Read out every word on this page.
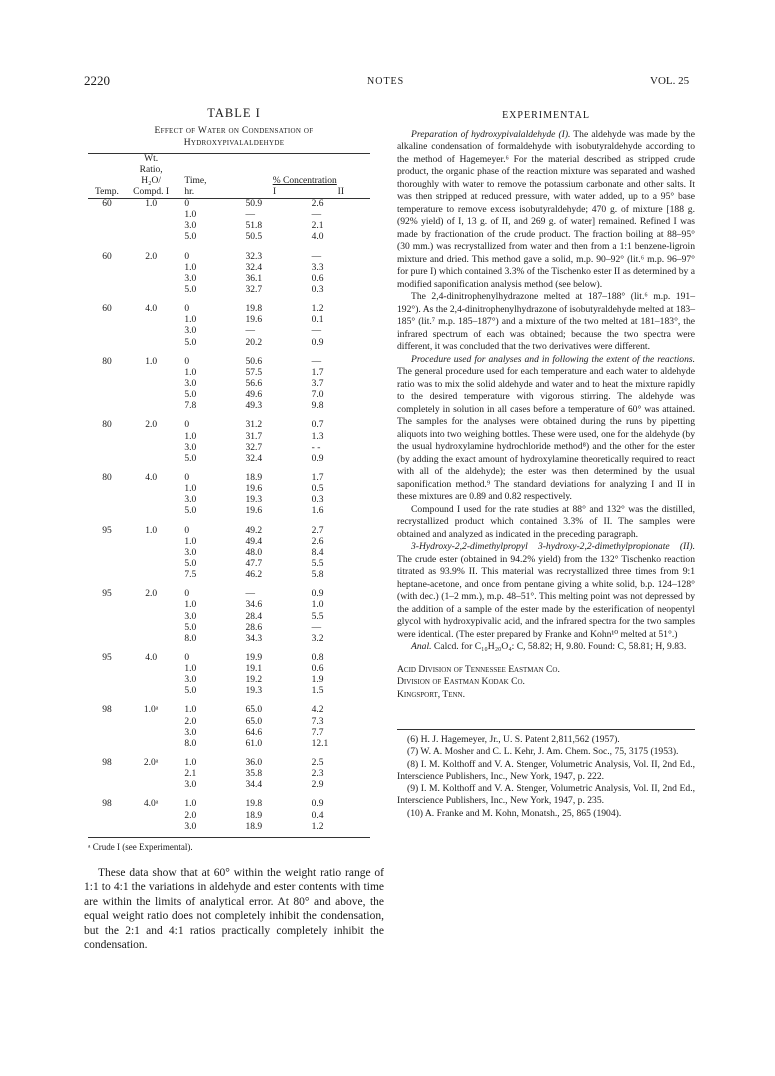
2220	NOTES	VOL. 25
TABLE I
Effect of Water on Condensation of
Hydroxypivalaldehyde
	Wt.			
	Ratio,			
	H₂O/	Time,	% Concentration	
Temp.	Compd. I	hr.	I	II
60	1.0	0	50.9	2.6
		1.0	—	—
		3.0	51.8	2.1
		5.0	50.5	4.0

60	2.0	0	32.3	—
		1.0	32.4	3.3
		3.0	36.1	0.6
		5.0	32.7	0.3

60	4.0	0	19.8	1.2
		1.0	19.6	0.1
		3.0	—	—
		5.0	20.2	0.9

80	1.0	0	50.6	—
		1.0	57.5	1.7
		3.0	56.6	3.7
		5.0	49.6	7.0
		7.8	49.3	9.8

80	2.0	0	31.2	0.7
		1.0	31.7	1.3
		3.0	32.7	- -
		5.0	32.4	0.9

80	4.0	0	18.9	1.7
		1.0	19.6	0.5
		3.0	19.3	0.3
		5.0	19.6	1.6

95	1.0	0	49.2	2.7
		1.0	49.4	2.6
		3.0	48.0	8.4
		5.0	47.7	5.5
		7.5	46.2	5.8

95	2.0	0	—	0.9
		1.0	34.6	1.0
		3.0	28.4	5.5
		5.0	28.6	—
		8.0	34.3	3.2

95	4.0	0	19.9	0.8
		1.0	19.1	0.6
		3.0	19.2	1.9
		5.0	19.3	1.5

98	1.0ᵃ	1.0	65.0	4.2
		2.0	65.0	7.3
		3.0	64.6	7.7
		8.0	61.0	12.1

98	2.0ᵃ	1.0	36.0	2.5
		2.1	35.8	2.3
		3.0	34.4	2.9

98	4.0ᵃ	1.0	19.8	0.9
		2.0	18.9	0.4
		3.0	18.9	1.2
ᵃ Crude I (see Experimental).

These data show that at 60° within the weight ratio range of 1:1 to 4:1 the variations in aldehyde and ester contents with time are within the limits of analytical error. At 80° and above, the equal weight ratio does not completely inhibit the condensation, but the 2:1 and 4:1 ratios practically completely inhibit the condensation.

EXPERIMENTAL

Preparation of hydroxypivalaldehyde (I). The aldehyde was made by the alkaline condensation of formaldehyde with isobutyraldehyde according to the method of Hagemeyer.⁶ For the material described as stripped crude product, the organic phase of the reaction mixture was separated and washed thoroughly with water to remove the potassium carbonate and other salts. It was then stripped at reduced pressure, with water added, up to a 95° base temperature to remove excess isobutyraldehyde; 470 g. of mixture [188 g. (92% yield) of I, 13 g. of II, and 269 g. of water] remained. Refined I was made by fractionation of the crude product. The fraction boiling at 88–95° (30 mm.) was recrystallized from water and then from a 1:1 benzene-ligroin mixture and dried. This method gave a solid, m.p. 90–92° (lit.⁶ m.p. 96–97° for pure I) which contained 3.3% of the Tischenko ester II as determined by a modified saponification analysis method (see below).

The 2,4-dinitrophenylhydrazone melted at 187–188° (lit.⁶ m.p. 191–192°). As the 2,4-dinitrophenylhydrazone of isobutyraldehyde melted at 183–185° (lit.⁷ m.p. 185–187°) and a mixture of the two melted at 181–183°, the infrared spectrum of each was obtained; because the two spectra were different, it was concluded that the two derivatives were different.

Procedure used for analyses and in following the extent of the reactions. The general procedure used for each temperature and each water to aldehyde ratio was to mix the solid aldehyde and water and to heat the mixture rapidly to the desired temperature with vigorous stirring. The aldehyde was completely in solution in all cases before a temperature of 60° was attained. The samples for the analyses were obtained during the runs by pipetting aliquots into two weighing bottles. These were used, one for the aldehyde (by the usual hydroxylamine hydrochloride method⁸) and the other for the ester (by adding the exact amount of hydroxylamine theoretically required to react with all of the aldehyde); the ester was then determined by the usual saponification method.⁹ The standard deviations for analyzing I and II in these mixtures are 0.89 and 0.82 respectively.

Compound I used for the rate studies at 88° and 132° was the distilled, recrystallized product which contained 3.3% of II. The samples were obtained and analyzed as indicated in the preceding paragraph.

3-Hydroxy-2,2-dimethylpropyl 3-hydroxy-2,2-dimethylpropionate (II). The crude ester (obtained in 94.2% yield) from the 132° Tischenko reaction titrated as 93.9% II. This material was recrystallized three times from 9:1 heptane-acetone, and once from pentane giving a white solid, b.p. 124–128° (with dec.) (1–2 mm.), m.p. 48–51°. This melting point was not depressed by the addition of a sample of the ester made by the esterification of neopentyl glycol with hydroxypivalic acid, and the infrared spectra for the two samples were identical. (The ester prepared by Franke and Kohn¹⁰ melted at 51°.)

Anal. Calcd. for C₁₀H₂₀O₄: C, 58.82; H, 9.80. Found: C, 58.81; H, 9.83.

Acid Division of Tennessee Eastman Co.
Division of Eastman Kodak Co.
Kingsport, Tenn.
(6) H. J. Hagemeyer, Jr., U. S. Patent 2,811,562 (1957).
(7) W. A. Mosher and C. L. Kehr, J. Am. Chem. Soc., 75, 3175 (1953).
(8) I. M. Kolthoff and V. A. Stenger, Volumetric Analysis, Vol. II, 2nd Ed., Interscience Publishers, Inc., New York, 1947, p. 222.
(9) I. M. Kolthoff and V. A. Stenger, Volumetric Analysis, Vol. II, 2nd Ed., Interscience Publishers, Inc., New York, 1947, p. 235.
(10) A. Franke and M. Kohn, Monatsh., 25, 865 (1904).
